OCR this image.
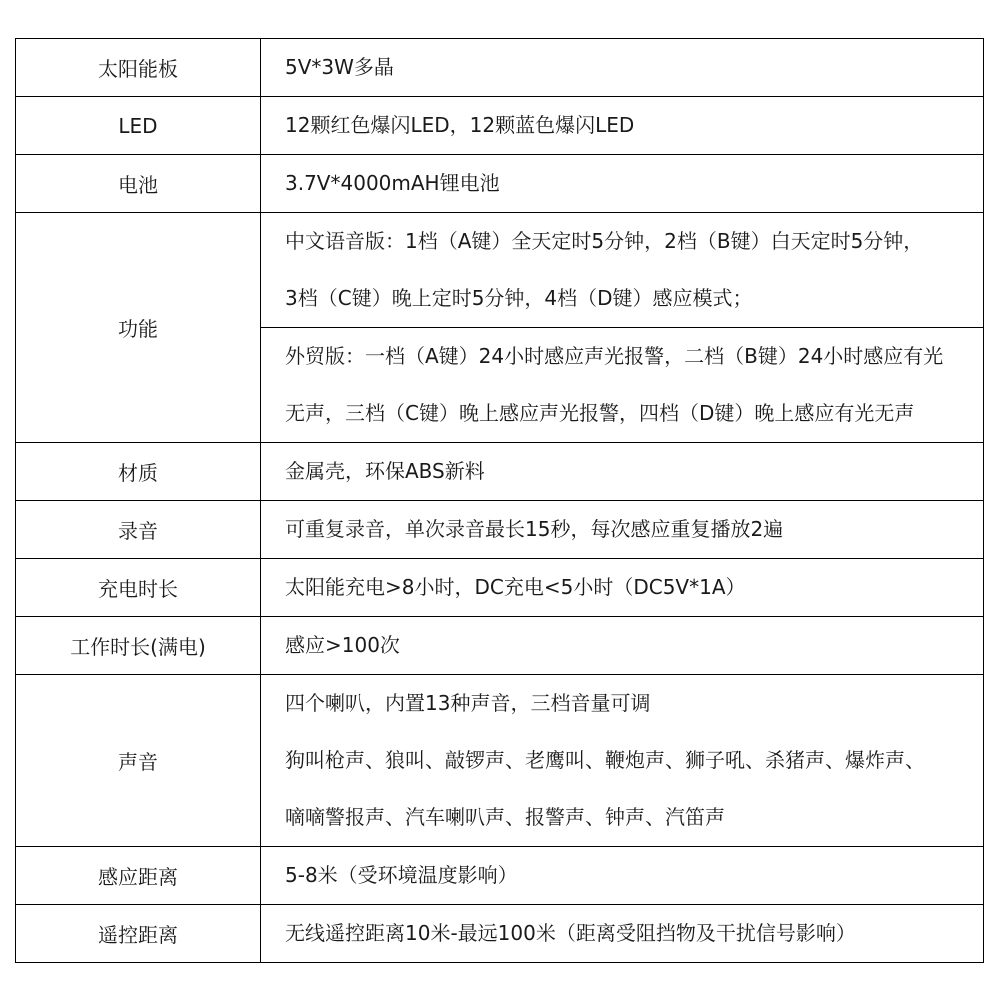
太阳能板	5V*3W多晶

LED	12颗红色爆闪LED，12颗蓝色爆闪LED

电池	3.7V*4000mAH锂电池

功能	中文语音版：1档（A键）全天定时5分钟，2档（B键）白天定时5分钟，
3档（C键）晚上定时5分钟，4档（D键）感应模式；

	外贸版：一档（A键）24小时感应声光报警，二档（B键）24小时感应有光
无声，三档（C键）晚上感应声光报警，四档（D键）晚上感应有光无声

材质	金属壳，环保ABS新料

录音	可重复录音，单次录音最长15秒，每次感应重复播放2遍

充电时长	太阳能充电>8小时，DC充电<5小时（DC5V*1A）

工作时长(满电)	感应>100次

声音	四个喇叭，内置13种声音，三档音量可调
狗叫枪声、狼叫、敲锣声、老鹰叫、鞭炮声、狮子吼、杀猪声、爆炸声、
嘀嘀警报声、汽车喇叭声、报警声、钟声、汽笛声

感应距离	5-8米（受环境温度影响）

遥控距离	无线遥控距离10米-最远100米（距离受阻挡物及干扰信号影响）
